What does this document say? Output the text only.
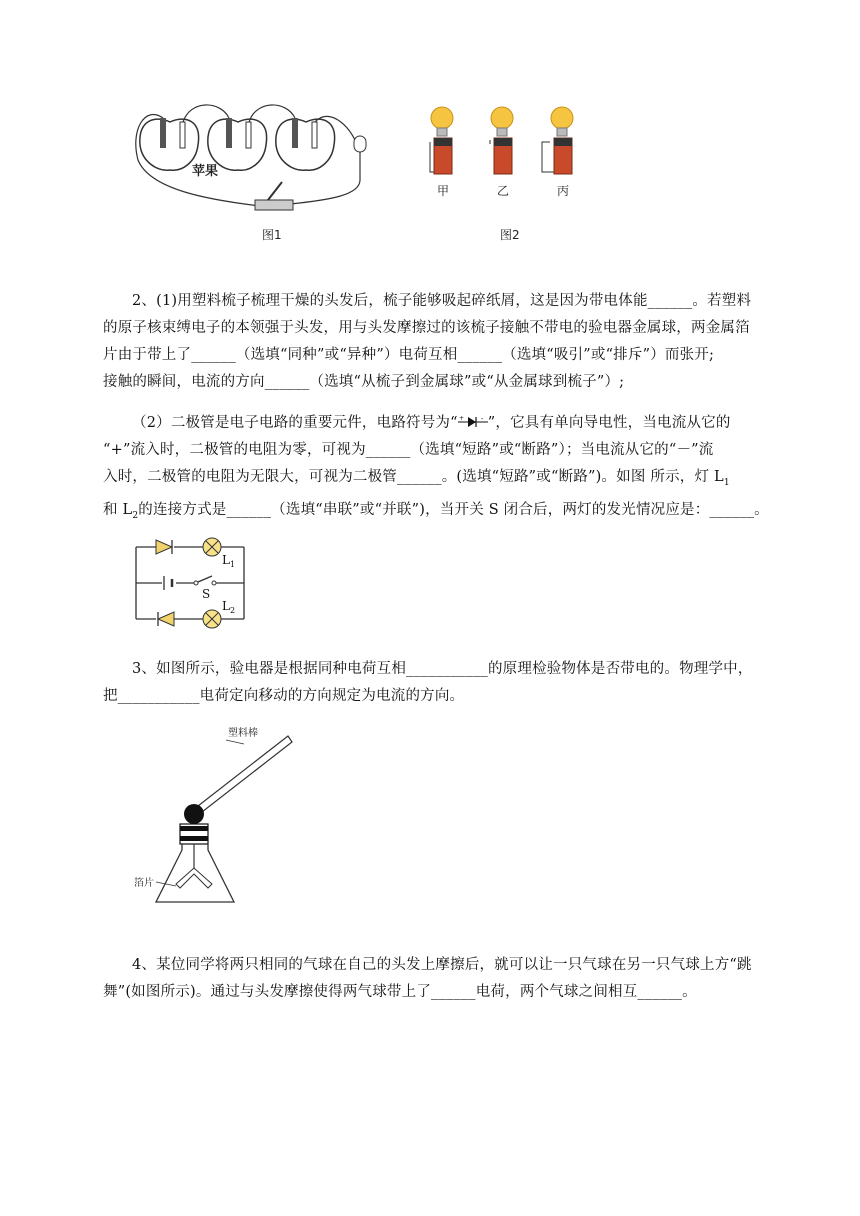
苹果
图1
甲	乙	丙
图2

2、(1)用塑料梳子梳理干燥的头发后，梳子能够吸起碎纸屑，这是因为带电体能______。若塑料

的原子核束缚电子的本领强于头发，用与头发摩擦过的该梳子接触不带电的验电器金属球，两金属箔

片由于带上了______（选填“同种”或“异种”）电荷互相______（选填“吸引”或“排斥”）而张开;

接触的瞬间，电流的方向______（选填“从梳子到金属球”或“从金属球到梳子”）;

（2）二极管是电子电路的重要元件，电路符号为“ + - ”，它具有单向导电性，当电流从它的

“+”流入时，二极管的电阻为零，可视为______（选填“短路”或“断路”）；当电流从它的“－”流

入时，二极管的电阻为无限大，可视为二极管______。(选填“短路”或“断路”)。如图 所示，灯 $L_1$

和 $L_2$的连接方式是______（选填“串联”或“并联”)，当开关 S 闭合后，两灯的发光情况应是：______。

$L_1$
S
$L_2$

3、如图所示，验电器是根据同种电荷互相___________的原理检验物体是否带电的。物理学中，

把___________电荷定向移动的方向规定为电流的方向。

塑料棒
箔片

4、某位同学将两只相同的气球在自己的头发上摩擦后，就可以让一只气球在另一只气球上方“跳

舞”(如图所示)。通过与头发摩擦使得两气球带上了______电荷，两个气球之间相互______。
